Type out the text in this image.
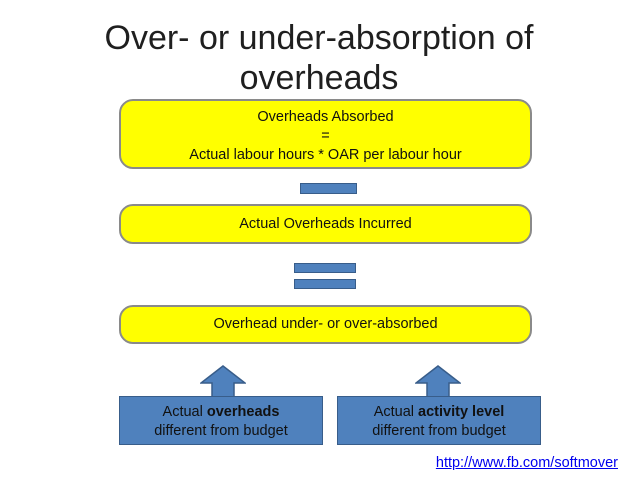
Over- or under-absorption of
overheads
Overheads Absorbed
=
Actual labour hours * OAR per labour hour
Actual Overheads Incurred
Overhead under- or over-absorbed
Actual overheads
different from budget
Actual activity level
different from budget
http://www.fb.com/softmover
